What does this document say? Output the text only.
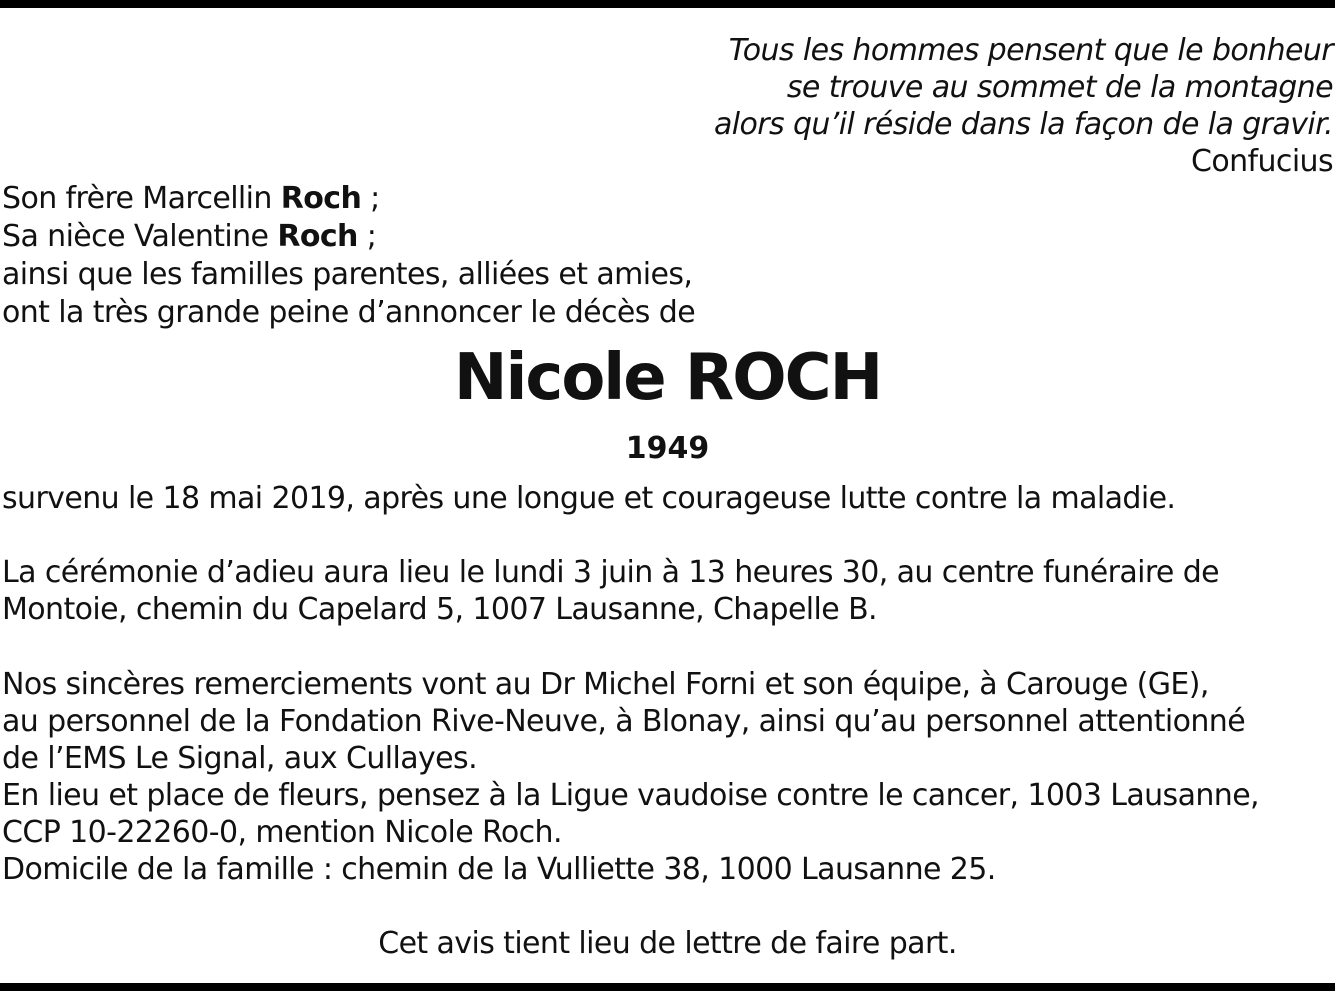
Tous les hommes pensent que le bonheur
se trouve au sommet de la montagne
alors qu’il réside dans la façon de la gravir.
Confucius
Son frère Marcellin Roch ;
Sa nièce Valentine Roch ;
ainsi que les familles parentes, alliées et amies,
ont la très grande peine d’annoncer le décès de
Nicole ROCH
1949
survenu le 18 mai 2019, après une longue et courageuse lutte contre la maladie.
La cérémonie d’adieu aura lieu le lundi 3 juin à 13 heures 30, au centre funéraire de
Montoie, chemin du Capelard 5, 1007 Lausanne, Chapelle B.
Nos sincères remerciements vont au Dr Michel Forni et son équipe, à Carouge (GE),
au personnel de la Fondation Rive-Neuve, à Blonay, ainsi qu’au personnel attentionné
de l’EMS Le Signal, aux Cullayes.
En lieu et place de fleurs, pensez à la Ligue vaudoise contre le cancer, 1003 Lausanne,
CCP 10-22260-0, mention Nicole Roch.
Domicile de la famille : chemin de la Vulliette 38, 1000 Lausanne 25.
Cet avis tient lieu de lettre de faire part.
